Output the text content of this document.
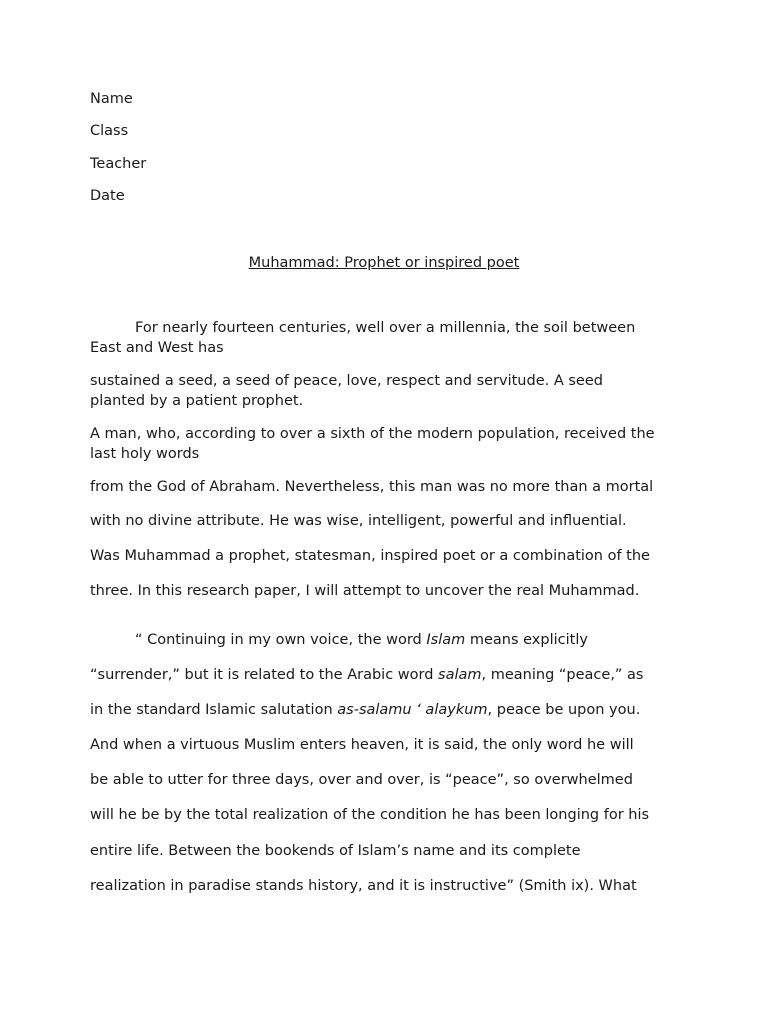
Name
Class
Teacher
Date
Muhammad: Prophet or inspired poet
For nearly fourteen centuries, well over a millennia, the soil between
East and West has
sustained a seed, a seed of peace, love, respect and servitude. A seed
planted by a patient prophet.
A man, who, according to over a sixth of the modern population, received the
last holy words
from the God of Abraham. Nevertheless, this man was no more than a mortal
with no divine attribute. He was wise, intelligent, powerful and influential.
Was Muhammad a prophet, statesman, inspired poet or a combination of the
three. In this research paper, I will attempt to uncover the real Muhammad.
“ Continuing in my own voice, the word Islam means explicitly
“surrender,” but it is related to the Arabic word salam, meaning “peace,” as
in the standard Islamic salutation as-salamu ‘ alaykum, peace be upon you.
And when a virtuous Muslim enters heaven, it is said, the only word he will
be able to utter for three days, over and over, is “peace”, so overwhelmed
will he be by the total realization of the condition he has been longing for his
entire life. Between the bookends of Islam’s name and its complete
realization in paradise stands history, and it is instructive” (Smith ix). What
